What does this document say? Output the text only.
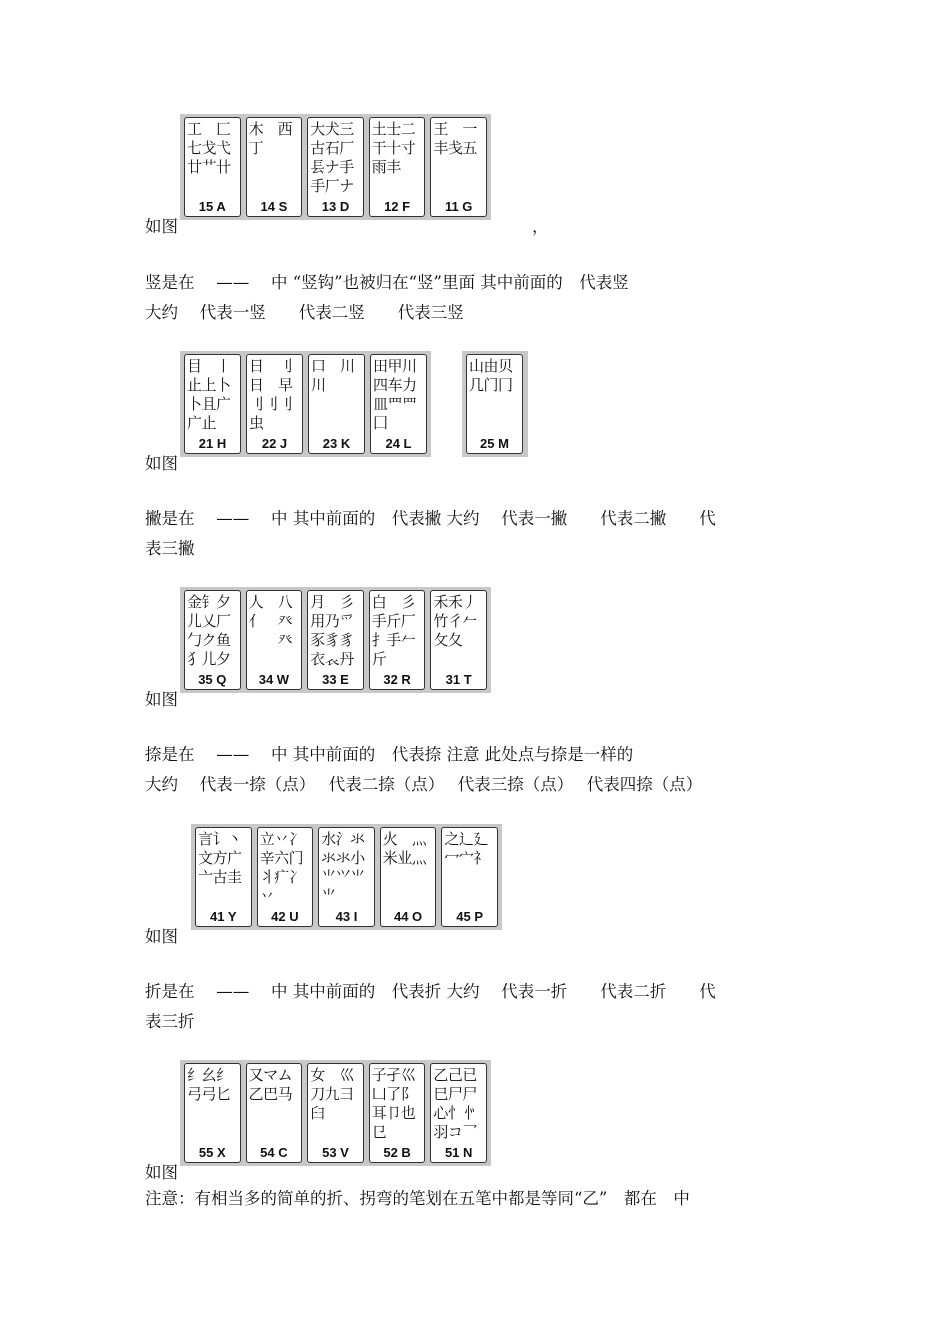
工　匚
七戈弋
廿艹卄
15 A
木　西
丁
14 S
大犬三
古石厂
镸ナ手
手厂ナ
13 D
土士二
干十寸
雨丰
12 F
王　一
丰戋五
11 G
如图	，
竖是在　 ——　 中 “竖钩”也被归在“竖”里面 其中前面的　代表竖
大约　 代表一竖　　代表二竖　　代表三竖
目　丨
止上卜
卜且广
广止
21 H
日　刂
日　早
刂刂刂
虫
22 J
口　川
川
23 K
田甲川
四车力
皿罒罒
囗
24 L
山由贝
几门冂
25 M
如图
撇是在　 ——　 中 其中前面的　代表撇 大约　 代表一撇　　代表二撇　　代
表三撇
金钅夕
儿乂厂
勹ク鱼
犭儿夕
35 Q
人　八
亻　癶
　　癶
34 W
月　彡
用乃爫
豕豸豸
衣𧘇丹
33 E
白　彡
手斤厂
扌手𠂉
斤
32 R
禾禾丿
竹彳𠂉
攵夂
31 T
如图
捺是在　 ——　 中 其中前面的　代表捺 注意 此处点与捺是一样的
大约　 代表一捺（点）　 代表二捺（点）　 代表三捺（点）　 代表四捺（点）
言讠丶
文方广
亠古圭
41 Y
立丷冫
辛六门
丬疒冫
丷　　
42 U
水氵氺
氺氺小
⺌⺍⺌
⺌
43 I
火　灬
米业灬
44 O
之辶廴
冖宀礻
45 P
如图
折是在　 ——　 中 其中前面的　代表折 大约　 代表一折　　代表二折　　代
表三折
纟幺纟
弓弓匕
55 X
又マム
乙巴马
54 C
女　巛
刀九彐
臼
53 V
子孑巛
凵了阝
耳卩也
㔾
52 B
乙己已
巳尸尸
心忄㣺
羽コ乛
51 N
如图
注意：有相当多的简单的折、拐弯的笔划在五笔中都是等同“乙”　都在　中
